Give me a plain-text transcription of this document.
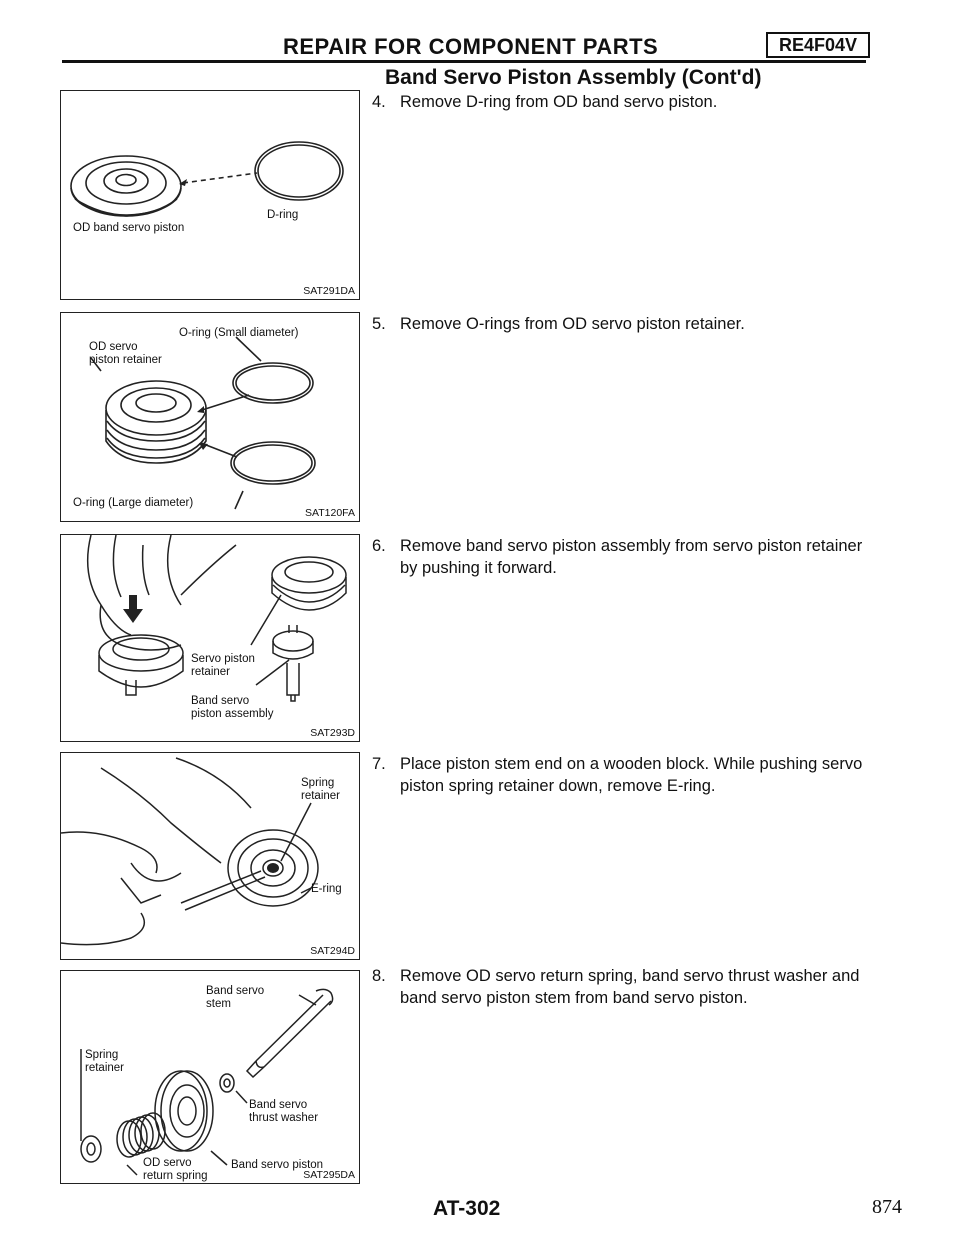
REPAIR FOR COMPONENT PARTS	RE4F04V
Band Servo Piston Assembly (Cont'd)
4. Remove D-ring from OD band servo piston.
5. Remove O-rings from OD servo piston retainer.
6. Remove band servo piston assembly from servo piston retainer by pushing it forward.
7. Place piston stem end on a wooden block. While pushing servo piston spring retainer down, remove E-ring.
8. Remove OD servo return spring, band servo thrust washer and band servo piston stem from band servo piston.
OD band servo piston
D-ring
SAT291DA
O-ring (Small diameter)
OD servo
piston retainer
O-ring (Large diameter)
SAT120FA
Servo piston
retainer
Band servo
piston assembly
SAT293D
Spring
retainer
E-ring
SAT294D
Band servo
stem
Spring
retainer
Band servo
thrust washer
Band servo piston
OD servo
return spring	SAT295DA
AT-302	874
